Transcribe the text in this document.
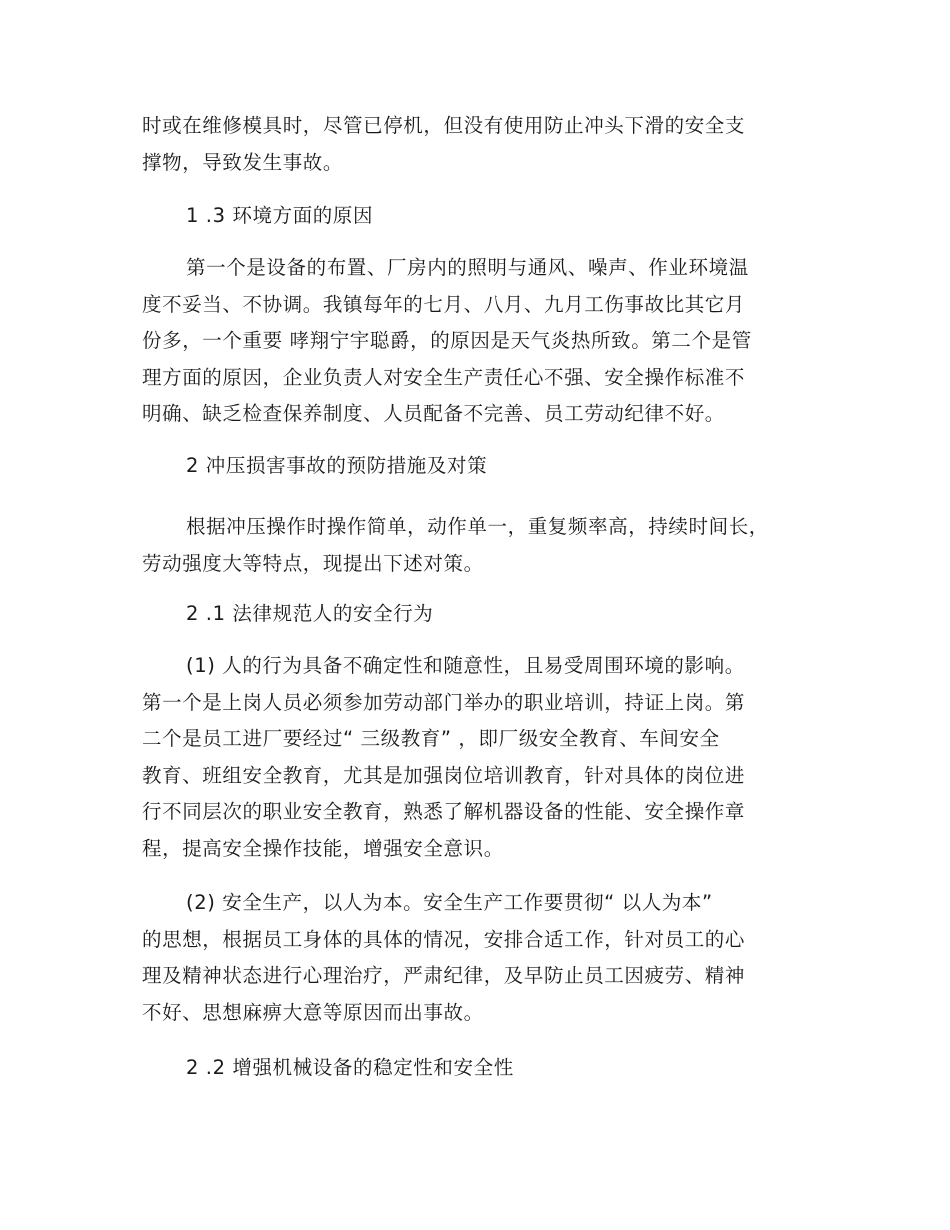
时或在维修模具时，尽管已停机，但没有使用防止冲头下滑的安全支
撑物，导致发生事故。
1 .3 环境方面的原因
第一个是设备的布置、厂房内的照明与通风、噪声、作业环境温
度不妥当、不协调。我镇每年的七月、八月、九月工伤事故比其它月
份多，一个重要 哮翔宁宇聪爵，的原因是天气炎热所致。第二个是管
理方面的原因，企业负责人对安全生产责任心不强、安全操作标准不
明确、缺乏检查保养制度、人员配备不完善、员工劳动纪律不好。
2 冲压损害事故的预防措施及对策
根据冲压操作时操作简单，动作单一，重复频率高，持续时间长，
劳动强度大等特点，现提出下述对策。
2 .1 法律规范人的安全行为
(1) 人的行为具备不确定性和随意性，且易受周围环境的影响。
第一个是上岗人员必须参加劳动部门举办的职业培训，持证上岗。第
二个是员工进厂要经过“ 三级教育” ，即厂级安全教育、车间安全
教育、班组安全教育，尤其是加强岗位培训教育，针对具体的岗位进
行不同层次的职业安全教育，熟悉了解机器设备的性能、安全操作章
程，提高安全操作技能，增强安全意识。
(2) 安全生产，以人为本。安全生产工作要贯彻“ 以人为本”
的思想，根据员工身体的具体的情况，安排合适工作，针对员工的心
理及精神状态进行心理治疗，严肃纪律，及早防止员工因疲劳、精神
不好、思想麻痹大意等原因而出事故。
2 .2 增强机械设备的稳定性和安全性
